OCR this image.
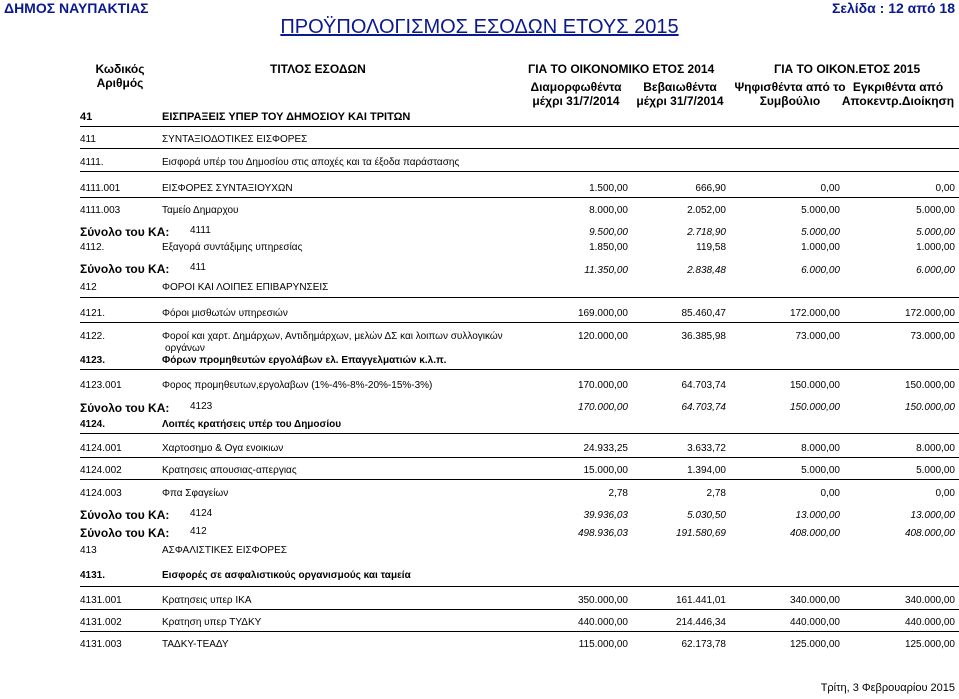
ΔΗΜΟΣ ΝΑΥΠΑΚΤΙΑΣ	Σελίδα : 12 από 18
ΠΡΟΫΠΟΛΟΓΙΣΜΟΣ ΕΣΟΔΩΝ ΕΤΟΥΣ 2015
Κωδικός
Αριθμός
ΤΙΤΛΟΣ ΕΣΟΔΩΝ	ΓΙΑ ΤΟ ΟΙΚΟΝΟΜΙΚΟ ΕΤΟΣ 2014	ΓΙΑ ΤΟ ΟΙΚΟΝ.ΕΤΟΣ 2015
Διαμορφωθέντα
μέχρι 31/7/2014
Βεβαιωθέντα
μέχρι 31/7/2014
Ψηφισθέντα από το
Συμβούλιο
Εγκριθέντα από
Αποκεντρ.Διοίκηση
41	ΕΙΣΠΡΑΞΕΙΣ ΥΠΕΡ ΤΟΥ ΔΗΜΟΣΙΟΥ ΚΑΙ ΤΡΙΤΩΝ
411	ΣΥΝΤΑΞΙΟΔΟΤΙΚΕΣ ΕΙΣΦΟΡΕΣ
4111.	Εισφορά υπέρ του Δημοσίου στις αποχές και τα έξοδα παράστασης
4111.001	ΕΙΣΦΟΡΕΣ ΣΥΝΤΑΞΙΟΥΧΩΝ	1.500,00	666,90	0,00	0,00
4111.003	Ταμείο Δημαρχου	8.000,00	2.052,00	5.000,00	5.000,00
Σύνολο του ΚΑ: 4111	9.500,00	2.718,90	5.000,00	5.000,00
4112.	Εξαγορά συντάξιμης υπηρεσίας	1.850,00	119,58	1.000,00	1.000,00
Σύνολο του ΚΑ: 411	11.350,00	2.838,48	6.000,00	6.000,00
412	ΦΟΡΟΙ ΚΑΙ ΛΟΙΠΕΣ ΕΠΙΒΑΡΥΝΣΕΙΣ
4121.	Φόροι μισθωτών υπηρεσιών	169.000,00	85.460,47	172.000,00	172.000,00
4122.	Φοροί και χαρτ. Δημάρχων, Αντιδημάρχων, μελών ΔΣ και λοιπων συλλογικών
οργάνων
120.000,00	36.385,98	73.000,00	73.000,00
4123.	Φόρων προμηθευτών εργολάβων ελ. Επαγγελματιών κ.λ.π.
4123.001	Φορος προμηθευτων,εργολαβων (1%-4%-8%-20%-15%-3%)	170.000,00	64.703,74	150.000,00	150.000,00
Σύνολο του ΚΑ: 4123	170.000,00	64.703,74	150.000,00	150.000,00
4124.	Λοιπές κρατήσεις υπέρ του Δημοσίου
4124.001	Χαρτοσημο & Ογα ενοικιων	24.933,25	3.633,72	8.000,00	8.000,00
4124.002	Κρατησεις απουσιας-απεργιας	15.000,00	1.394,00	5.000,00	5.000,00
4124.003	Φπα Σφαγείων	2,78	2,78	0,00	0,00
Σύνολο του ΚΑ: 4124	39.936,03	5.030,50	13.000,00	13.000,00
Σύνολο του ΚΑ: 412	498.936,03	191.580,69	408.000,00	408.000,00
413	ΑΣΦΑΛΙΣΤΙΚΕΣ ΕΙΣΦΟΡΕΣ
4131.	Εισφορές σε ασφαλιστικούς οργανισμούς και ταμεία
4131.001	Κρατησεις υπερ ΙΚΑ	350.000,00	161.441,01	340.000,00	340.000,00
4131.002	Κρατηση υπερ ΤΥΔΚΥ	440.000,00	214.446,34	440.000,00	440.000,00
4131.003	ΤΑΔΚΥ-ΤΕΑΔΥ	115.000,00	62.173,78	125.000,00	125.000,00
Τρίτη, 3 Φεβρουαρίου 2015
